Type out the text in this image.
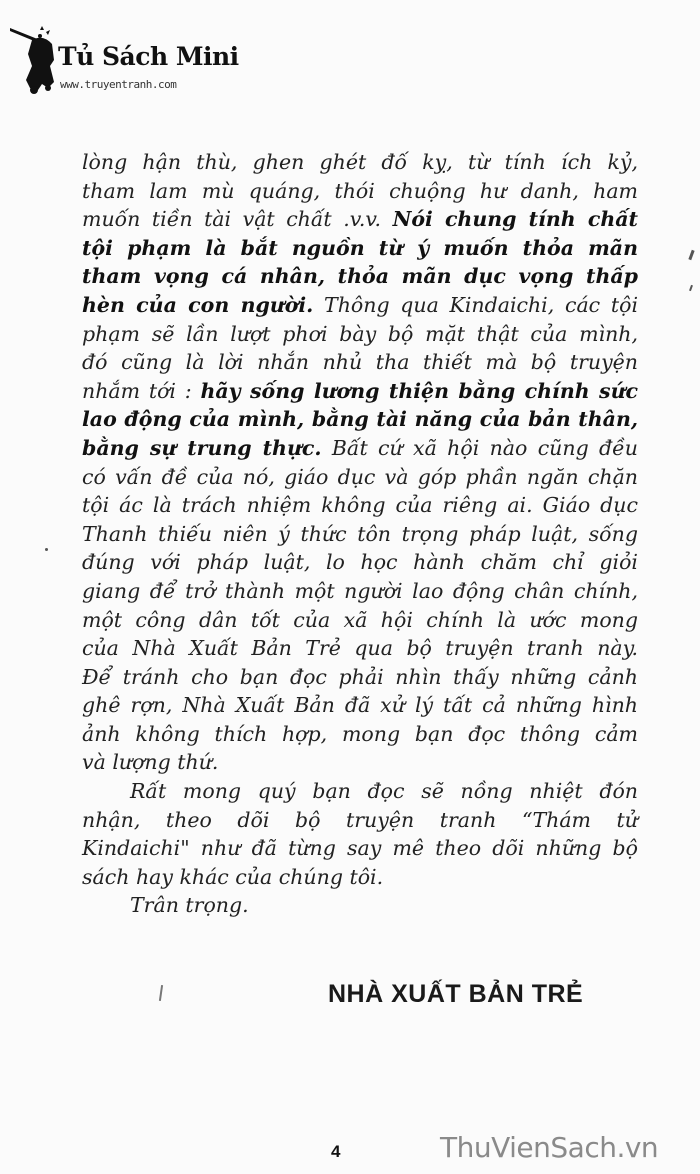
Tủ Sách Mini
www.truyentranh.com
lòng hận thù, ghen ghét đố kỵ, từ tính ích kỷ,
tham lam mù quáng, thói chuộng hư danh, ham
muốn tiền tài vật chất .v.v. Nói chung tính chất
tội phạm là bắt nguồn từ ý muốn thỏa mãn
tham vọng cá nhân, thỏa mãn dục vọng thấp
hèn của con người. Thông qua Kindaichi, các tội
phạm sẽ lần lượt phơi bày bộ mặt thật của mình,
đó cũng là lời nhắn nhủ tha thiết mà bộ truyện
nhắm tới : hãy sống lương thiện bằng chính sức
lao động của mình, bằng tài năng của bản thân,
bằng sự trung thực. Bất cứ xã hội nào cũng đều
có vấn đề của nó, giáo dục và góp phần ngăn chặn
tội ác là trách nhiệm không của riêng ai. Giáo dục
Thanh thiếu niên ý thức tôn trọng pháp luật, sống
đúng với pháp luật, lo học hành chăm chỉ giỏi
giang để trở thành một người lao động chân chính,
một công dân tốt của xã hội chính là ước mong
của Nhà Xuất Bản Trẻ qua bộ truyện tranh này.
Để tránh cho bạn đọc phải nhìn thấy những cảnh
ghê rợn, Nhà Xuất Bản đã xử lý tất cả những hình
ảnh không thích hợp, mong bạn đọc thông cảm
và lượng thứ.
Rất mong quý bạn đọc sẽ nồng nhiệt đón
nhận, theo dõi bộ truyện tranh “Thám tử
Kindaichi" như đã từng say mê theo dõi những bộ
sách hay khác của chúng tôi.
Trân trọng.
NHÀ XUẤT BẢN TRẺ
4	ThuVienSach.vn
